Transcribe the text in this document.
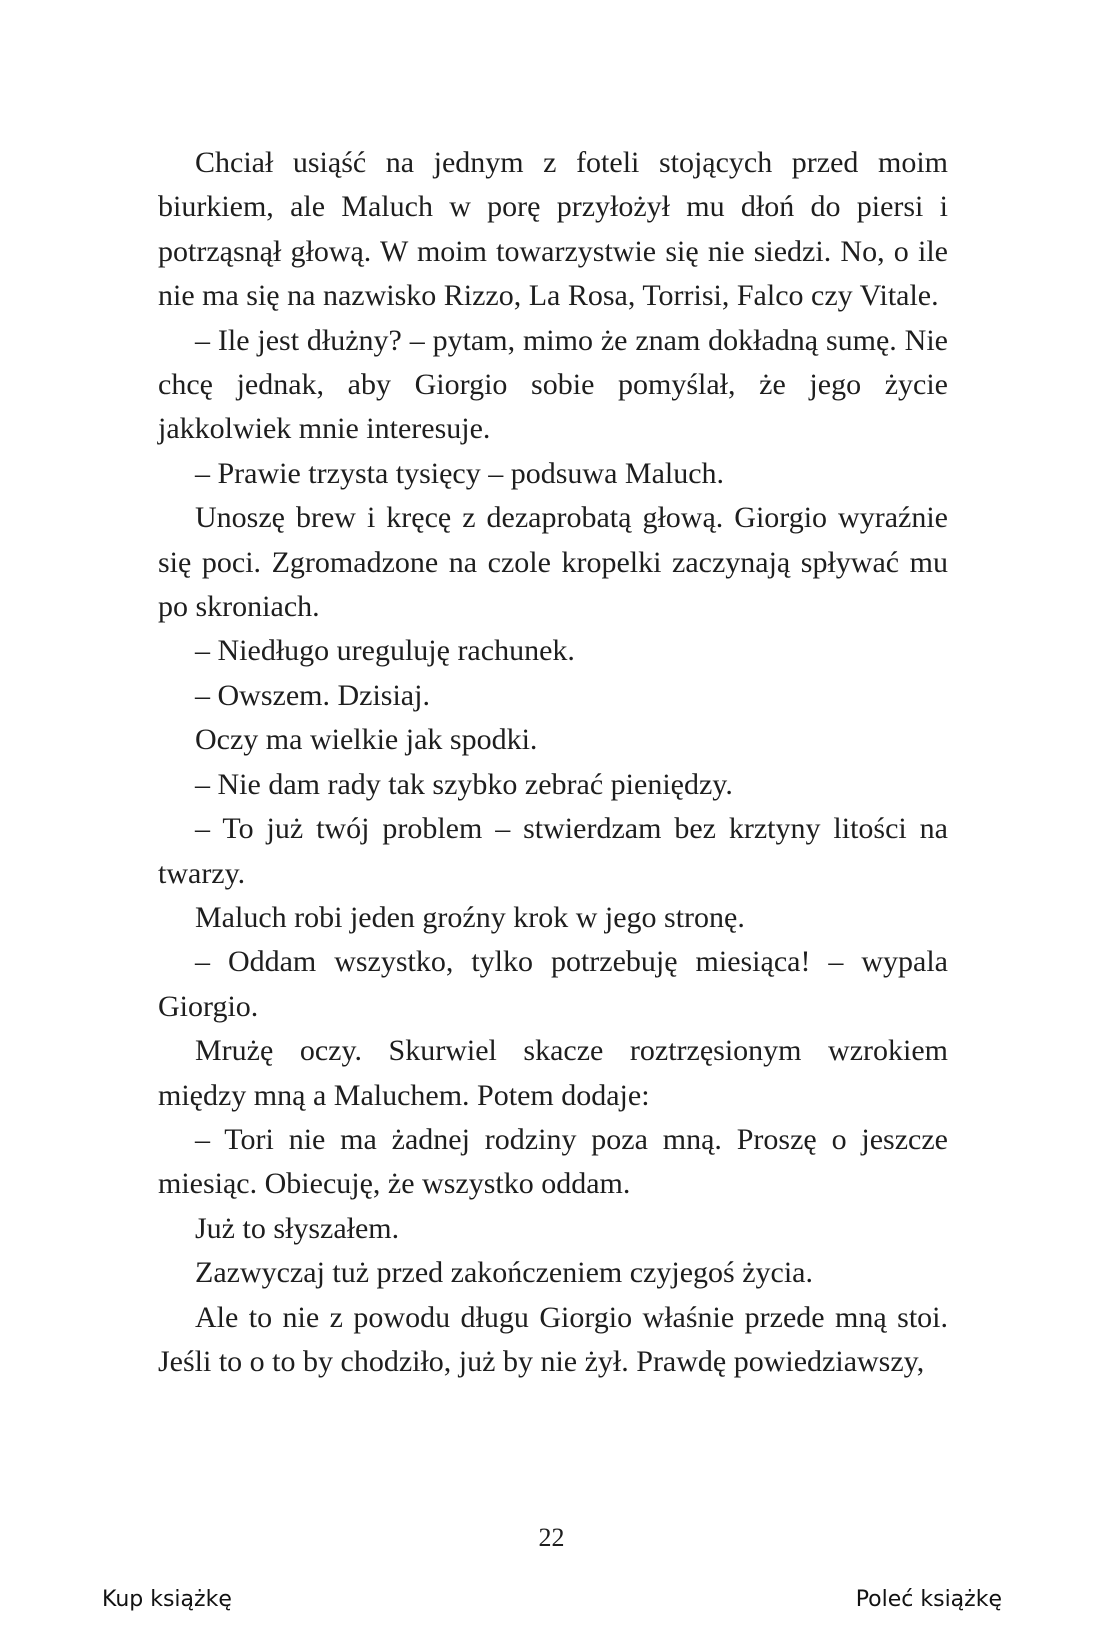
Chciał usiąść na jednym z foteli stojących przed moim biurkiem, ale Maluch w porę przyłożył mu dłoń do piersi i potrząsnął głową. W moim towarzystwie się nie siedzi. No, o ile nie ma się na nazwisko Rizzo, La Rosa, Torrisi, Falco czy Vitale.

– Ile jest dłużny? – pytam, mimo że znam dokładną sumę. Nie chcę jednak, aby Giorgio sobie pomyślał, że jego życie jakkolwiek mnie interesuje.

– Prawie trzysta tysięcy – podsuwa Maluch.

Unoszę brew i kręcę z dezaprobatą głową. Giorgio wyraźnie się poci. Zgromadzone na czole kropelki zaczynają spływać mu po skroniach.

– Niedługo ureguluję rachunek.

– Owszem. Dzisiaj.

Oczy ma wielkie jak spodki.

– Nie dam rady tak szybko zebrać pieniędzy.

– To już twój problem – stwierdzam bez krztyny litości na twarzy.

Maluch robi jeden groźny krok w jego stronę.

– Oddam wszystko, tylko potrzebuję miesiąca! – wypala Giorgio.

Mrużę oczy. Skurwiel skacze roztrzęsionym wzrokiem między mną a Maluchem. Potem dodaje:

– Tori nie ma żadnej rodziny poza mną. Proszę o jeszcze miesiąc. Obiecuję, że wszystko oddam.

Już to słyszałem.

Zazwyczaj tuż przed zakończeniem czyjegoś życia.

Ale to nie z powodu długu Giorgio właśnie przede mną stoi. Jeśli to o to by chodziło, już by nie żył. Prawdę powiedziawszy,

22
Kup książkę	Poleć książkę
